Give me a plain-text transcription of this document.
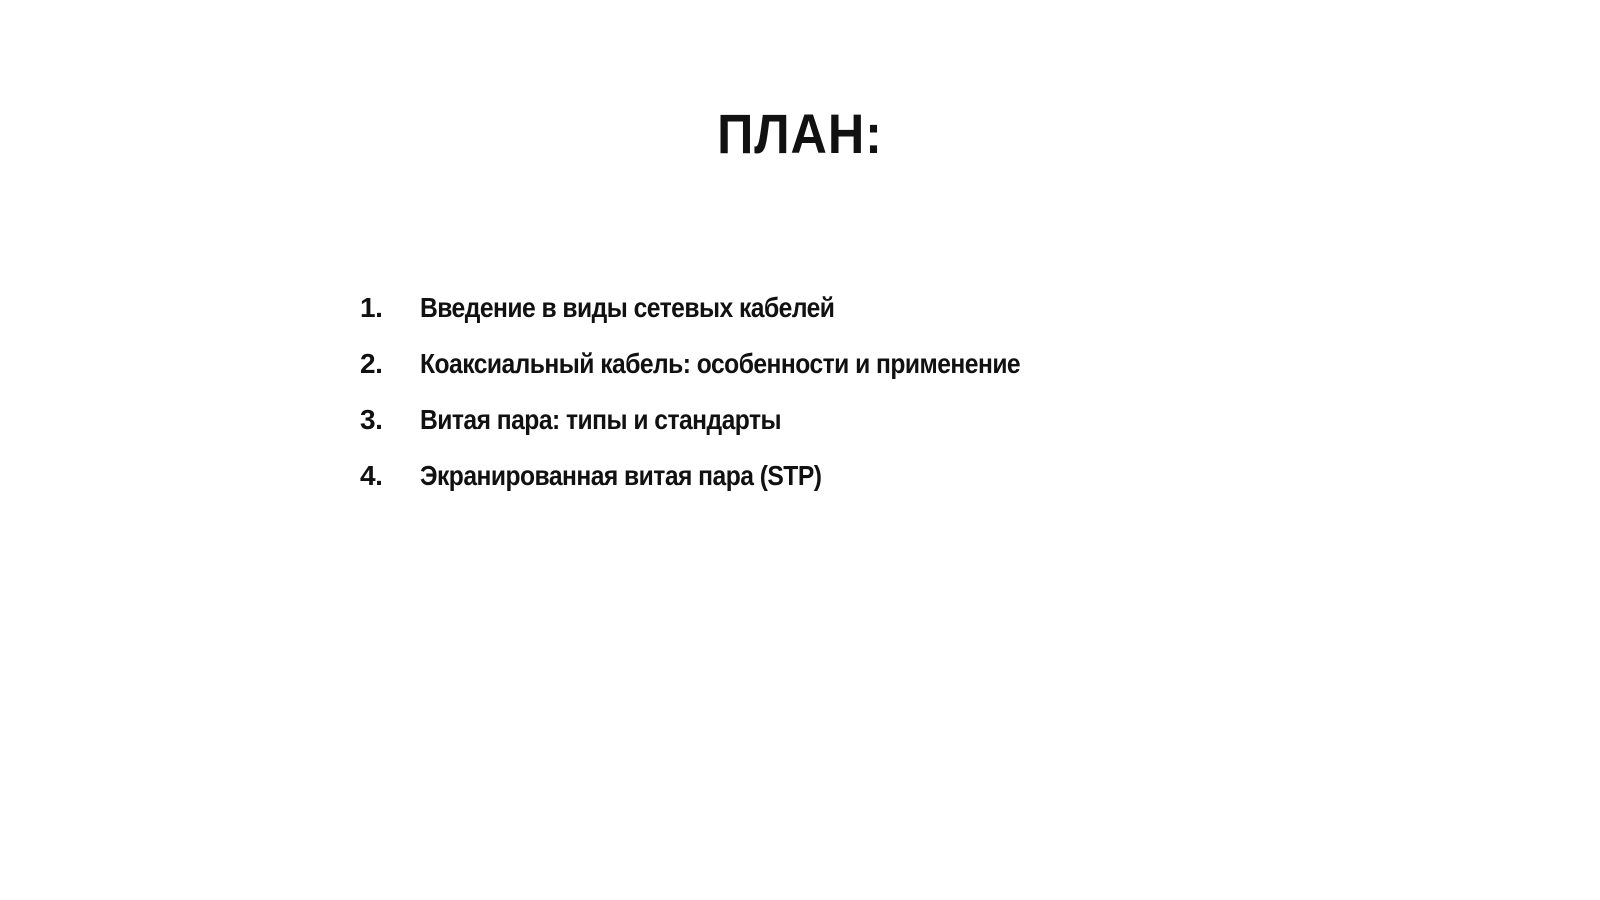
ПЛАН:
1.	Введение в виды сетевых кабелей
2.	Коаксиальный кабель: особенности и применение
3.	Витая пара: типы и стандарты
4.	Экранированная витая пара (STP)
